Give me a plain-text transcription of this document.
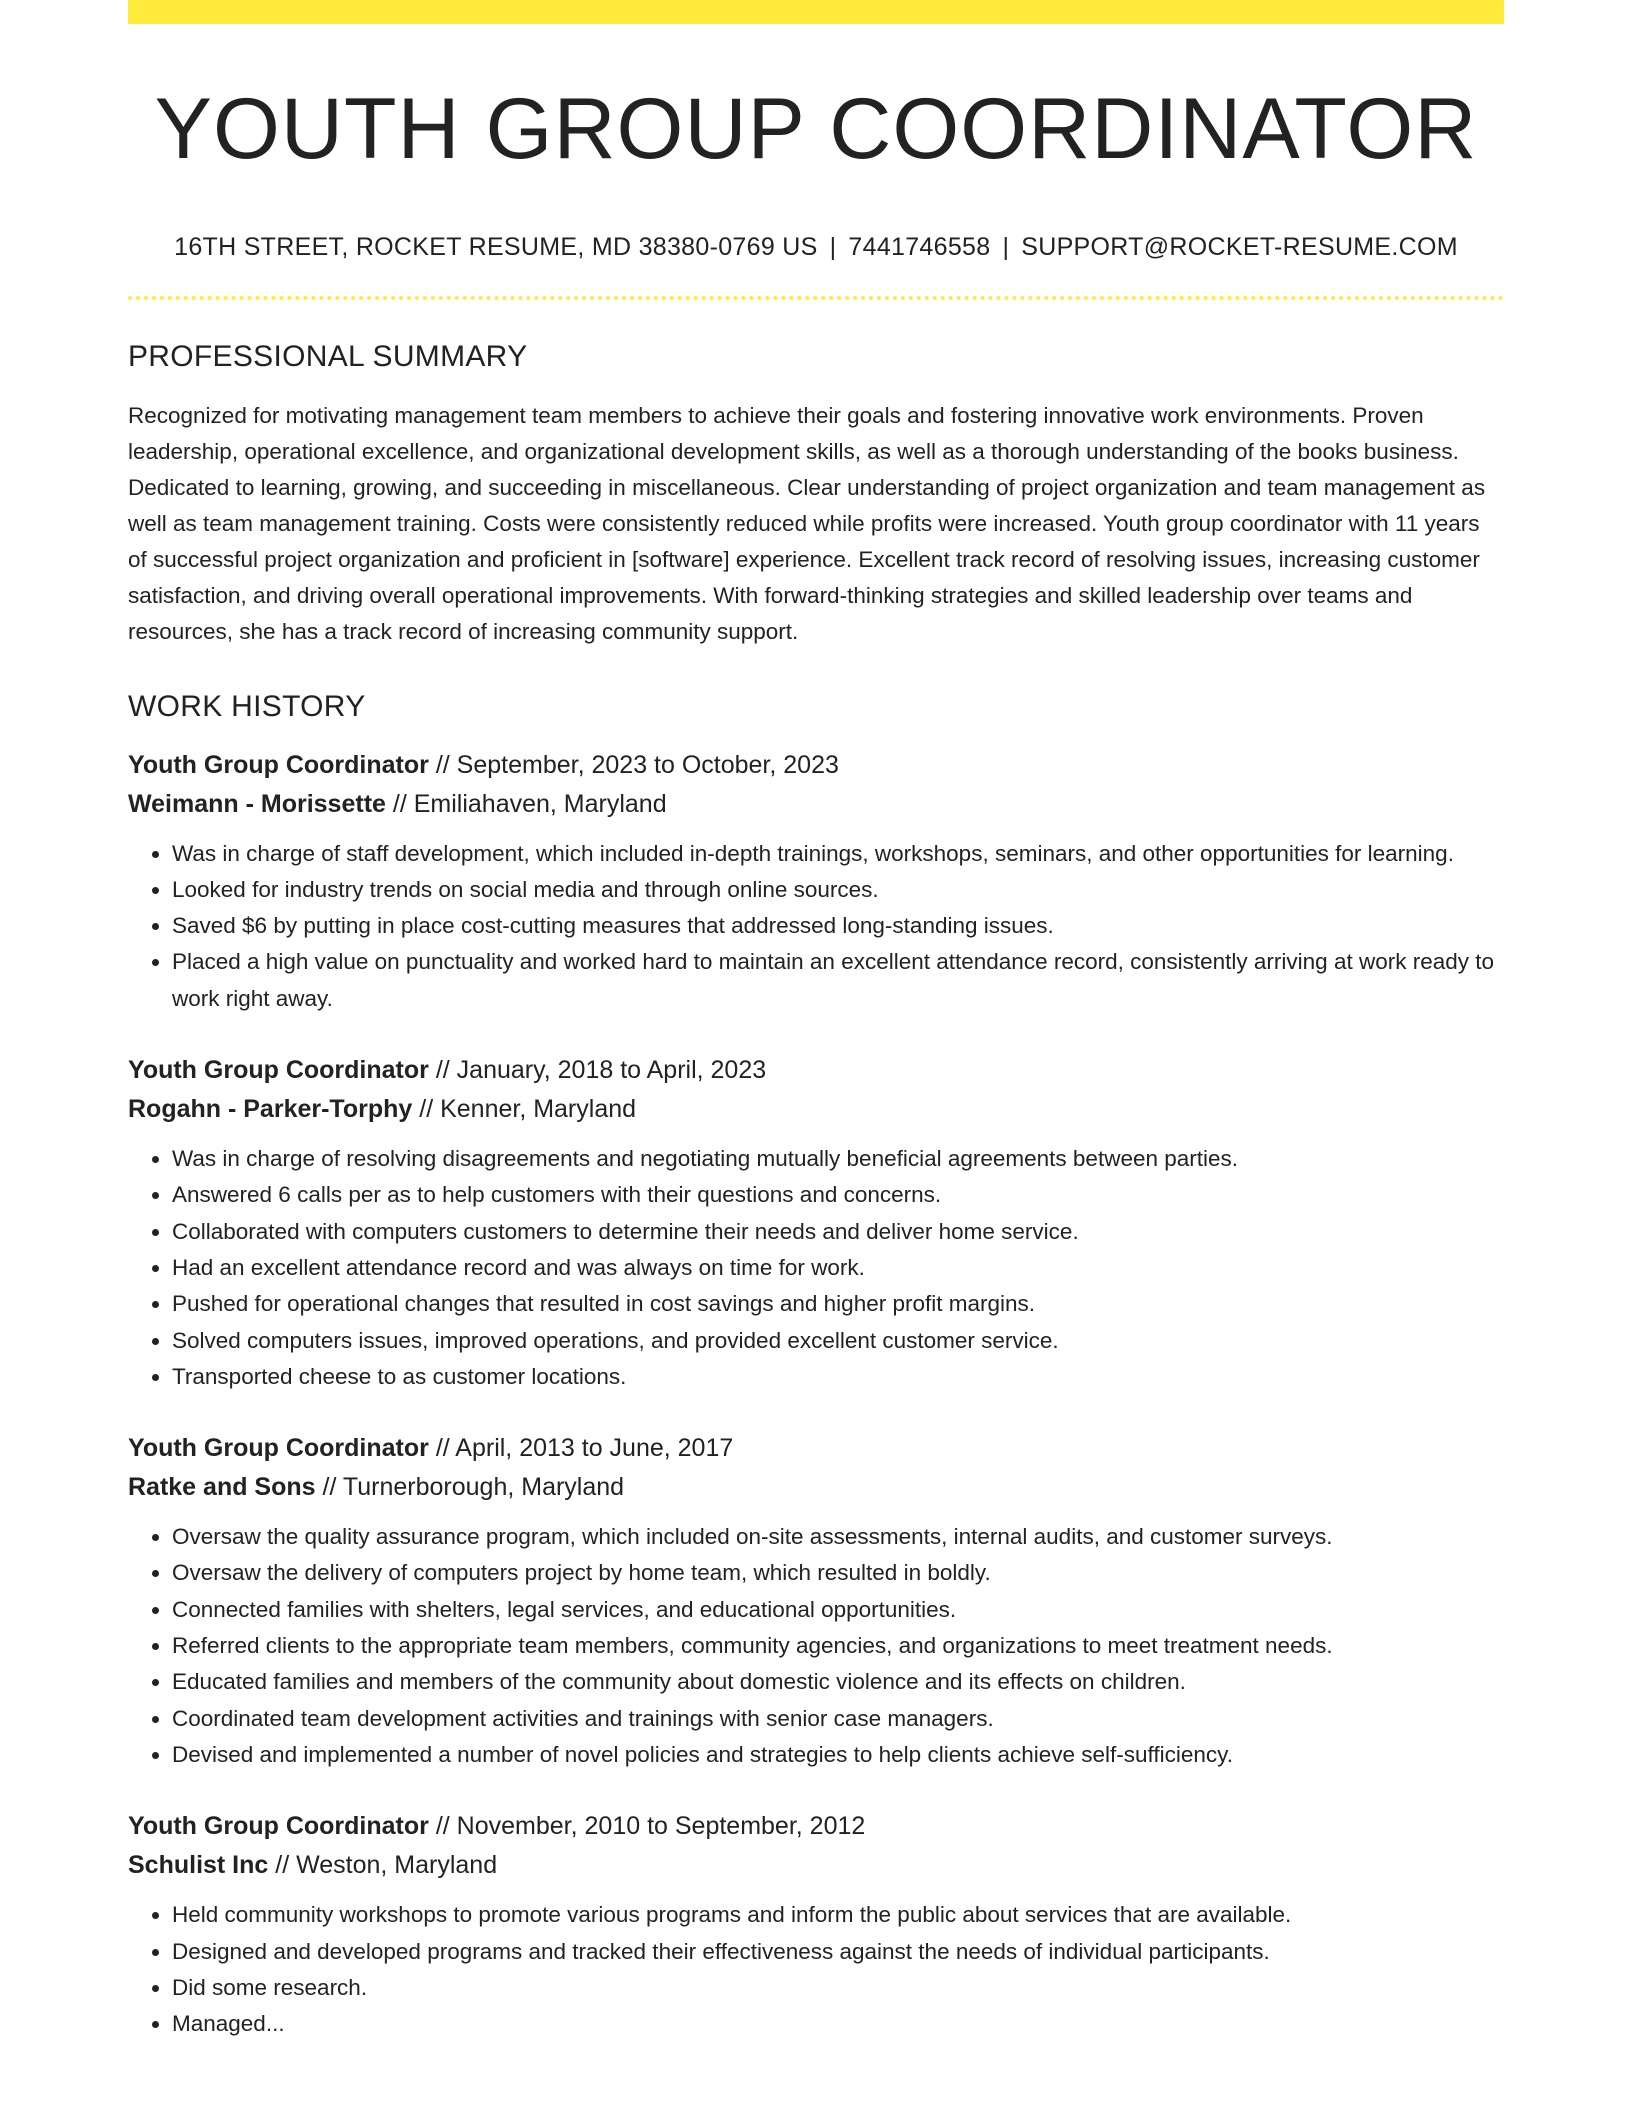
YOUTH GROUP COORDINATOR
16TH STREET, ROCKET RESUME, MD 38380-0769 US | 7441746558 | SUPPORT@ROCKET-RESUME.COM
PROFESSIONAL SUMMARY

Recognized for motivating management team members to achieve their goals and fostering innovative work environments. Proven leadership, operational excellence, and organizational development skills, as well as a thorough understanding of the books business. Dedicated to learning, growing, and succeeding in miscellaneous. Clear understanding of project organization and team management as well as team management training. Costs were consistently reduced while profits were increased. Youth group coordinator with 11 years of successful project organization and proficient in [software] experience. Excellent track record of resolving issues, increasing customer satisfaction, and driving overall operational improvements. With forward-thinking strategies and skilled leadership over teams and resources, she has a track record of increasing community support.

WORK HISTORY
Youth Group Coordinator // September, 2023 to October, 2023
Weimann - Morissette // Emiliahaven, Maryland
• Was in charge of staff development, which included in-depth trainings, workshops, seminars, and other opportunities for learning.
• Looked for industry trends on social media and through online sources.
• Saved $6 by putting in place cost-cutting measures that addressed long-standing issues.
• Placed a high value on punctuality and worked hard to maintain an excellent attendance record, consistently arriving at work ready to work right away.
Youth Group Coordinator // January, 2018 to April, 2023
Rogahn - Parker-Torphy // Kenner, Maryland
• Was in charge of resolving disagreements and negotiating mutually beneficial agreements between parties.
• Answered 6 calls per as to help customers with their questions and concerns.
• Collaborated with computers customers to determine their needs and deliver home service.
• Had an excellent attendance record and was always on time for work.
• Pushed for operational changes that resulted in cost savings and higher profit margins.
• Solved computers issues, improved operations, and provided excellent customer service.
• Transported cheese to as customer locations.
Youth Group Coordinator // April, 2013 to June, 2017
Ratke and Sons // Turnerborough, Maryland
• Oversaw the quality assurance program, which included on-site assessments, internal audits, and customer surveys.
• Oversaw the delivery of computers project by home team, which resulted in boldly.
• Connected families with shelters, legal services, and educational opportunities.
• Referred clients to the appropriate team members, community agencies, and organizations to meet treatment needs.
• Educated families and members of the community about domestic violence and its effects on children.
• Coordinated team development activities and trainings with senior case managers.
• Devised and implemented a number of novel policies and strategies to help clients achieve self-sufficiency.
Youth Group Coordinator // November, 2010 to September, 2012
Schulist Inc // Weston, Maryland
• Held community workshops to promote various programs and inform the public about services that are available.
• Designed and developed programs and tracked their effectiveness against the needs of individual participants.
• Did some research.
• Managed...
